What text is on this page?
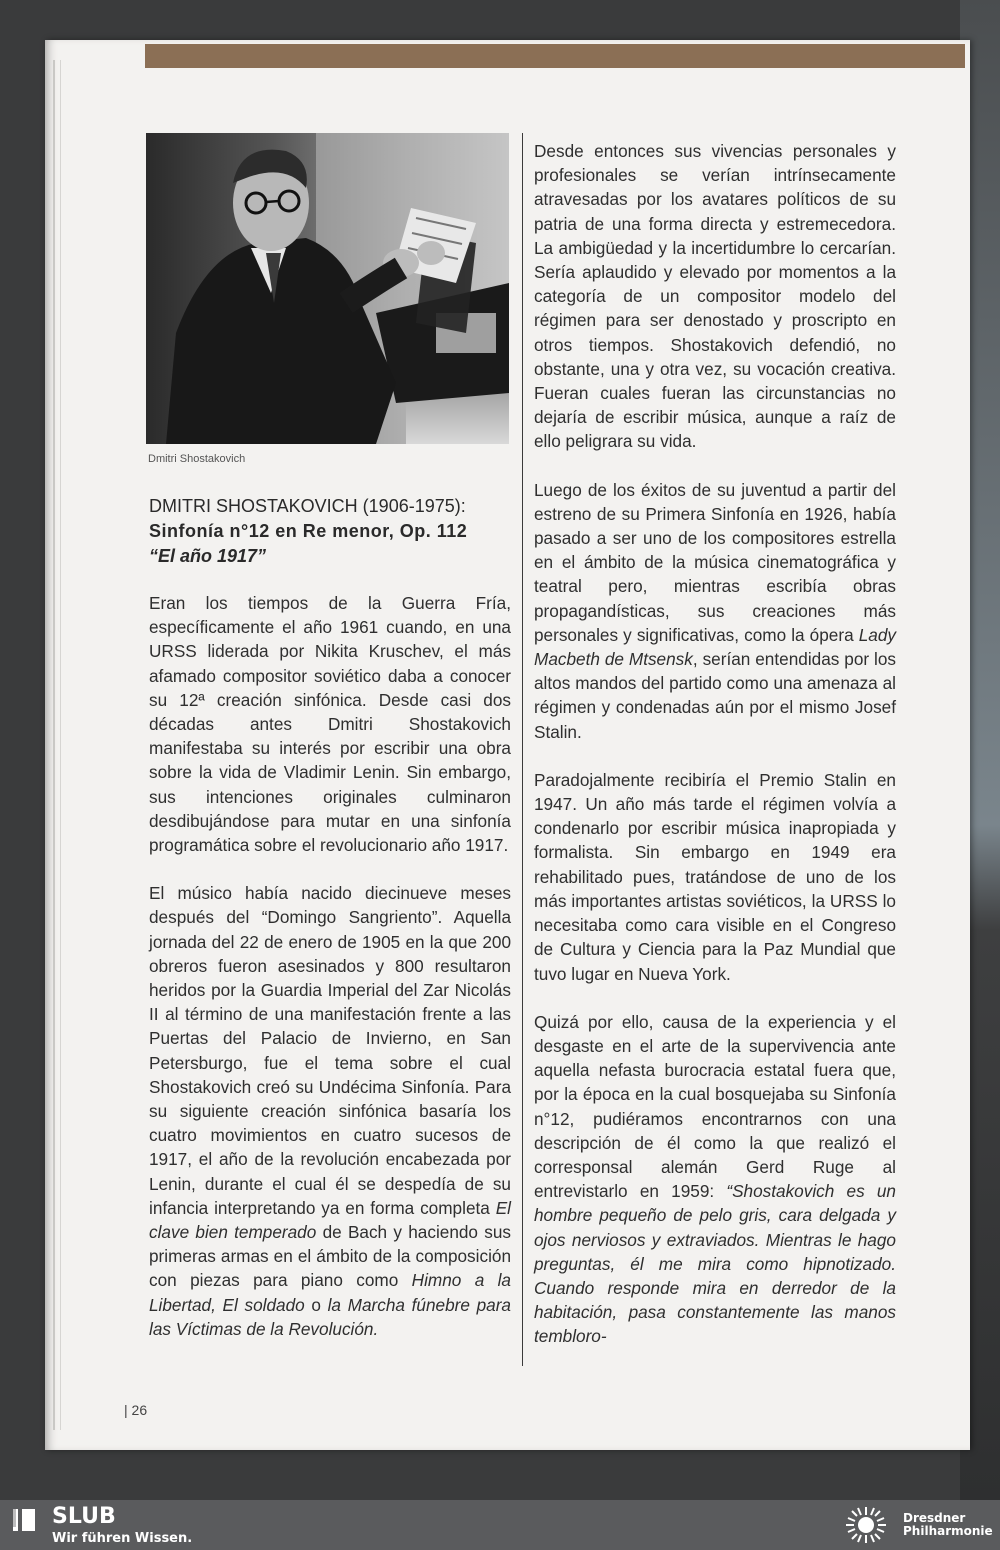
Dmitri Shostakovich
DMITRI SHOSTAKOVICH (1906-1975):
Sinfonía n°12 en Re menor, Op. 112
“El año 1917”

Eran los tiempos de la Guerra Fría, específicamente el año 1961 cuando, en una URSS liderada por Nikita Kruschev, el más afamado compositor soviético daba a conocer su 12ª creación sinfónica. Desde casi dos décadas antes Dmitri Shostakovich manifestaba su interés por escribir una obra sobre la vida de Vladimir Lenin. Sin embargo, sus intenciones originales culminaron desdibujándose para mutar en una sinfonía programática sobre el revolucionario año 1917.

El músico había nacido diecinueve meses después del “Domingo Sangriento”. Aquella jornada del 22 de enero de 1905 en la que 200 obreros fueron asesinados y 800 resultaron heridos por la Guardia Imperial del Zar Nicolás II al término de una manifestación frente a las Puertas del Palacio de Invierno, en San Petersburgo, fue el tema sobre el cual Shostakovich creó su Undécima Sinfonía. Para su siguiente creación sinfónica basaría los cuatro movimientos en cuatro sucesos de 1917, el año de la revolución encabezada por Lenin, durante el cual él se despedía de su infancia interpretando ya en forma completa El clave bien temperado de Bach y haciendo sus primeras armas en el ámbito de la composición con piezas para piano como Himno a la Libertad, El soldado o la Marcha fúnebre para las Víctimas de la Revolución.

Desde entonces sus vivencias personales y profesionales se verían intrínsecamente atravesadas por los avatares políticos de su patria de una forma directa y estremecedora. La ambigüedad y la incertidumbre lo cercarían. Sería aplaudido y elevado por momentos a la categoría de un compositor modelo del régimen para ser denostado y proscripto en otros tiempos. Shostakovich defendió, no obstante, una y otra vez, su vocación creativa. Fueran cuales fueran las circunstancias no dejaría de escribir música, aunque a raíz de ello peligrara su vida.

Luego de los éxitos de su juventud a partir del estreno de su Primera Sinfonía en 1926, había pasado a ser uno de los compositores estrella en el ámbito de la música cinematográfica y teatral pero, mientras escribía obras propagandísticas, sus creaciones más personales y significativas, como la ópera Lady Macbeth de Mtsensk, serían entendidas por los altos mandos del partido como una amenaza al régimen y condenadas aún por el mismo Josef Stalin.

Paradojalmente recibiría el Premio Stalin en 1947. Un año más tarde el régimen volvía a condenarlo por escribir música inapropiada y formalista. Sin embargo en 1949 era rehabilitado pues, tratándose de uno de los más importantes artistas soviéticos, la URSS lo necesitaba como cara visible en el Congreso de Cultura y Ciencia para la Paz Mundial que tuvo lugar en Nueva York.

Quizá por ello, causa de la experiencia y el desgaste en el arte de la supervivencia ante aquella nefasta burocracia estatal fuera que, por la época en la cual bosquejaba su Sinfonía n°12, pudiéramos encontrarnos con una descripción de él como la que realizó el corresponsal alemán Gerd Ruge al entrevistarlo en 1959: “Shostakovich es un hombre pequeño de pelo gris, cara delgada y ojos nerviosos y extraviados. Mientras le hago preguntas, él me mira como hipnotizado. Cuando responde mira en derredor de la habitación, pasa constantemente las manos tembloro-

| 26
SLUB
Wir führen Wissen.
Dresdner
Philharmonie
